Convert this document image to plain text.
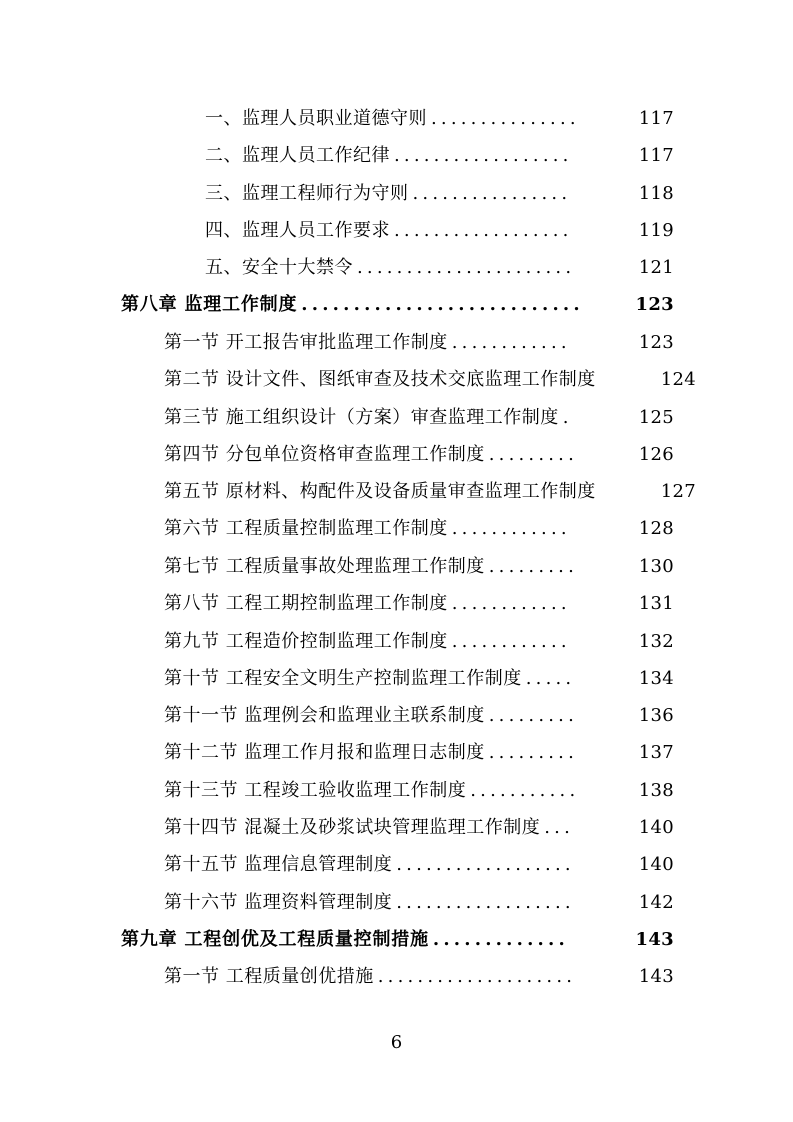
一、监理人员职业道德守则 ...............	117
二、监理人员工作纪律 ..................	117
三、监理工程师行为守则 ................	118
四、监理人员工作要求 ..................	119
五、安全十大禁令 ......................	121
第八章 监理工作制度 ...........................	123
第一节 开工报告审批监理工作制度 ............	123
第二节 设计文件、图纸审查及技术交底监理工作制度	124
第三节 施工组织设计（方案）审查监理工作制度 .	125
第四节 分包单位资格审查监理工作制度 .........	126
第五节 原材料、构配件及设备质量审查监理工作制度	127
第六节 工程质量控制监理工作制度 ............	128
第七节 工程质量事故处理监理工作制度 .........	130
第八节 工程工期控制监理工作制度 ............	131
第九节 工程造价控制监理工作制度 ............	132
第十节 工程安全文明生产控制监理工作制度 .....	134
第十一节 监理例会和监理业主联系制度 .........	136
第十二节 监理工作月报和监理日志制度 .........	137
第十三节 工程竣工验收监理工作制度 ...........	138
第十四节 混凝土及砂浆试块管理监理工作制度 ...	140
第十五节 监理信息管理制度 ..................	140
第十六节 监理资料管理制度 ..................	142
第九章 工程创优及工程质量控制措施 .............	143
第一节 工程质量创优措施 ....................	143
6
